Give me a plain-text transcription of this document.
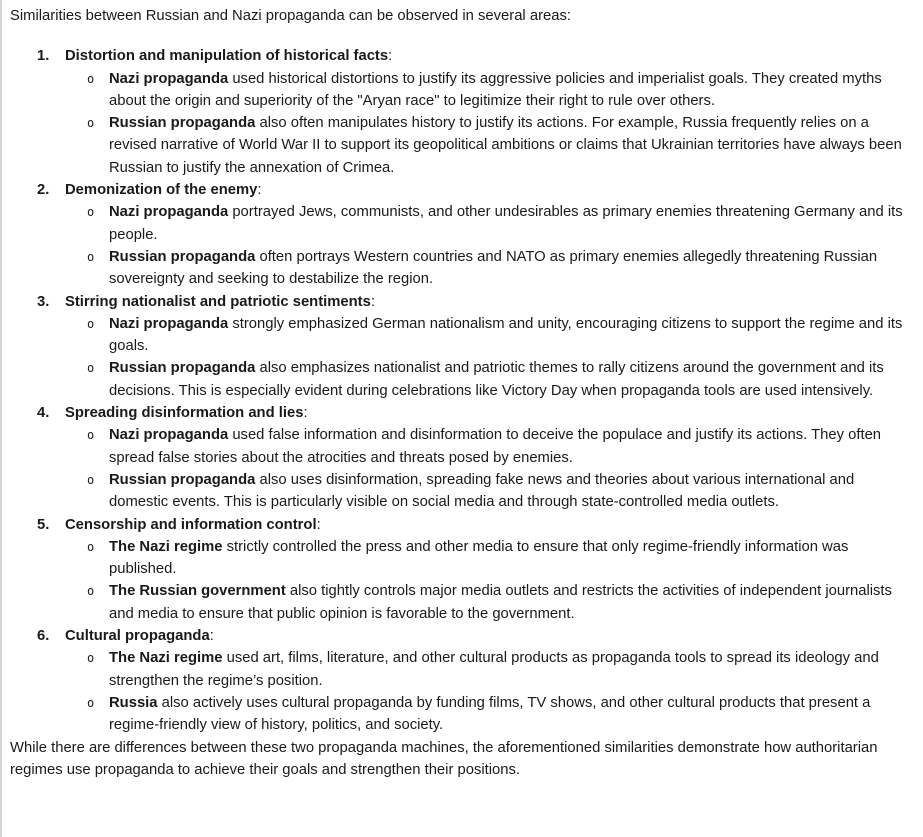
Similarities between Russian and Nazi propaganda can be observed in several areas:

1.	Distortion and manipulation of historical facts:
o Nazi propaganda used historical distortions to justify its aggressive policies and imperialist goals. They created myths about the origin and superiority of the "Aryan race" to legitimize their right to rule over others.
o Russian propaganda also often manipulates history to justify its actions. For example, Russia frequently relies on a revised narrative of World War II to support its geopolitical ambitions or claims that Ukrainian territories have always been Russian to justify the annexation of Crimea.
2.	Demonization of the enemy:
o Nazi propaganda portrayed Jews, communists, and other undesirables as primary enemies threatening Germany and its people.
o Russian propaganda often portrays Western countries and NATO as primary enemies allegedly threatening Russian sovereignty and seeking to destabilize the region.
3.	Stirring nationalist and patriotic sentiments:
o Nazi propaganda strongly emphasized German nationalism and unity, encouraging citizens to support the regime and its goals.
o Russian propaganda also emphasizes nationalist and patriotic themes to rally citizens around the government and its decisions. This is especially evident during celebrations like Victory Day when propaganda tools are used intensively.
4.	Spreading disinformation and lies:
o Nazi propaganda used false information and disinformation to deceive the populace and justify its actions. They often spread false stories about the atrocities and threats posed by enemies.
o Russian propaganda also uses disinformation, spreading fake news and theories about various international and domestic events. This is particularly visible on social media and through state-controlled media outlets.
5.	Censorship and information control:
o The Nazi regime strictly controlled the press and other media to ensure that only regime-friendly information was published.
o The Russian government also tightly controls major media outlets and restricts the activities of independent journalists and media to ensure that public opinion is favorable to the government.
6.	Cultural propaganda:
o The Nazi regime used art, films, literature, and other cultural products as propaganda tools to spread its ideology and strengthen the regime’s position.
o Russia also actively uses cultural propaganda by funding films, TV shows, and other cultural products that present a regime-friendly view of history, politics, and society.

While there are differences between these two propaganda machines, the aforementioned similarities demonstrate how authoritarian regimes use propaganda to achieve their goals and strengthen their positions.
